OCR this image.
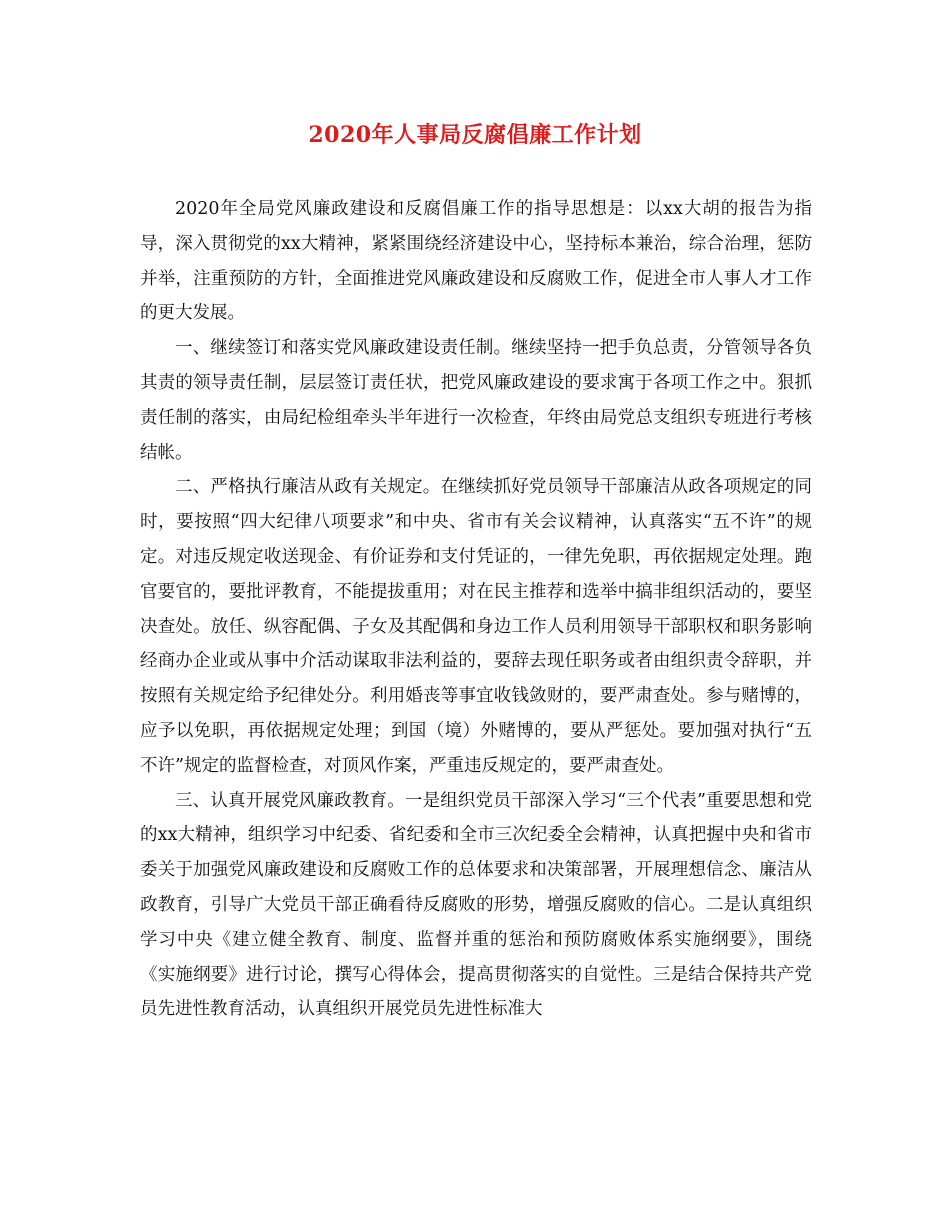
2020年人事局反腐倡廉工作计划

2020年全局党风廉政建设和反腐倡廉工作的指导思想是：以xx大胡的报告为指导，深入贯彻党的xx大精神，紧紧围绕经济建设中心，坚持标本兼治，综合治理，惩防并举，注重预防的方针，全面推进党风廉政建设和反腐败工作，促进全市人事人才工作的更大发展。

一、继续签订和落实党风廉政建设责任制。继续坚持一把手负总责，分管领导各负其责的领导责任制，层层签订责任状，把党风廉政建设的要求寓于各项工作之中。狠抓责任制的落实，由局纪检组牵头半年进行一次检查，年终由局党总支组织专班进行考核结帐。

二、严格执行廉洁从政有关规定。在继续抓好党员领导干部廉洁从政各项规定的同时，要按照“四大纪律八项要求”和中央、省市有关会议精神，认真落实“五不许”的规定。对违反规定收送现金、有价证券和支付凭证的，一律先免职，再依据规定处理。跑官要官的，要批评教育，不能提拔重用；对在民主推荐和选举中搞非组织活动的，要坚决查处。放任、纵容配偶、子女及其配偶和身边工作人员利用领导干部职权和职务影响经商办企业或从事中介活动谋取非法利益的，要辞去现任职务或者由组织责令辞职，并按照有关规定给予纪律处分。利用婚丧等事宜收钱敛财的，要严肃查处。参与赌博的，应予以免职，再依据规定处理；到国（境）外赌博的，要从严惩处。要加强对执行“五不许”规定的监督检查，对顶风作案，严重违反规定的，要严肃查处。

三、认真开展党风廉政教育。一是组织党员干部深入学习“三个代表”重要思想和党的xx大精神，组织学习中纪委、省纪委和全市三次纪委全会精神，认真把握中央和省市委关于加强党风廉政建设和反腐败工作的总体要求和决策部署，开展理想信念、廉洁从政教育，引导广大党员干部正确看待反腐败的形势，增强反腐败的信心。二是认真组织学习中央《建立健全教育、制度、监督并重的惩治和预防腐败体系实施纲要》，围绕《实施纲要》进行讨论，撰写心得体会，提高贯彻落实的自觉性。三是结合保持共产党员先进性教育活动，认真组织开展党员先进性标准大
